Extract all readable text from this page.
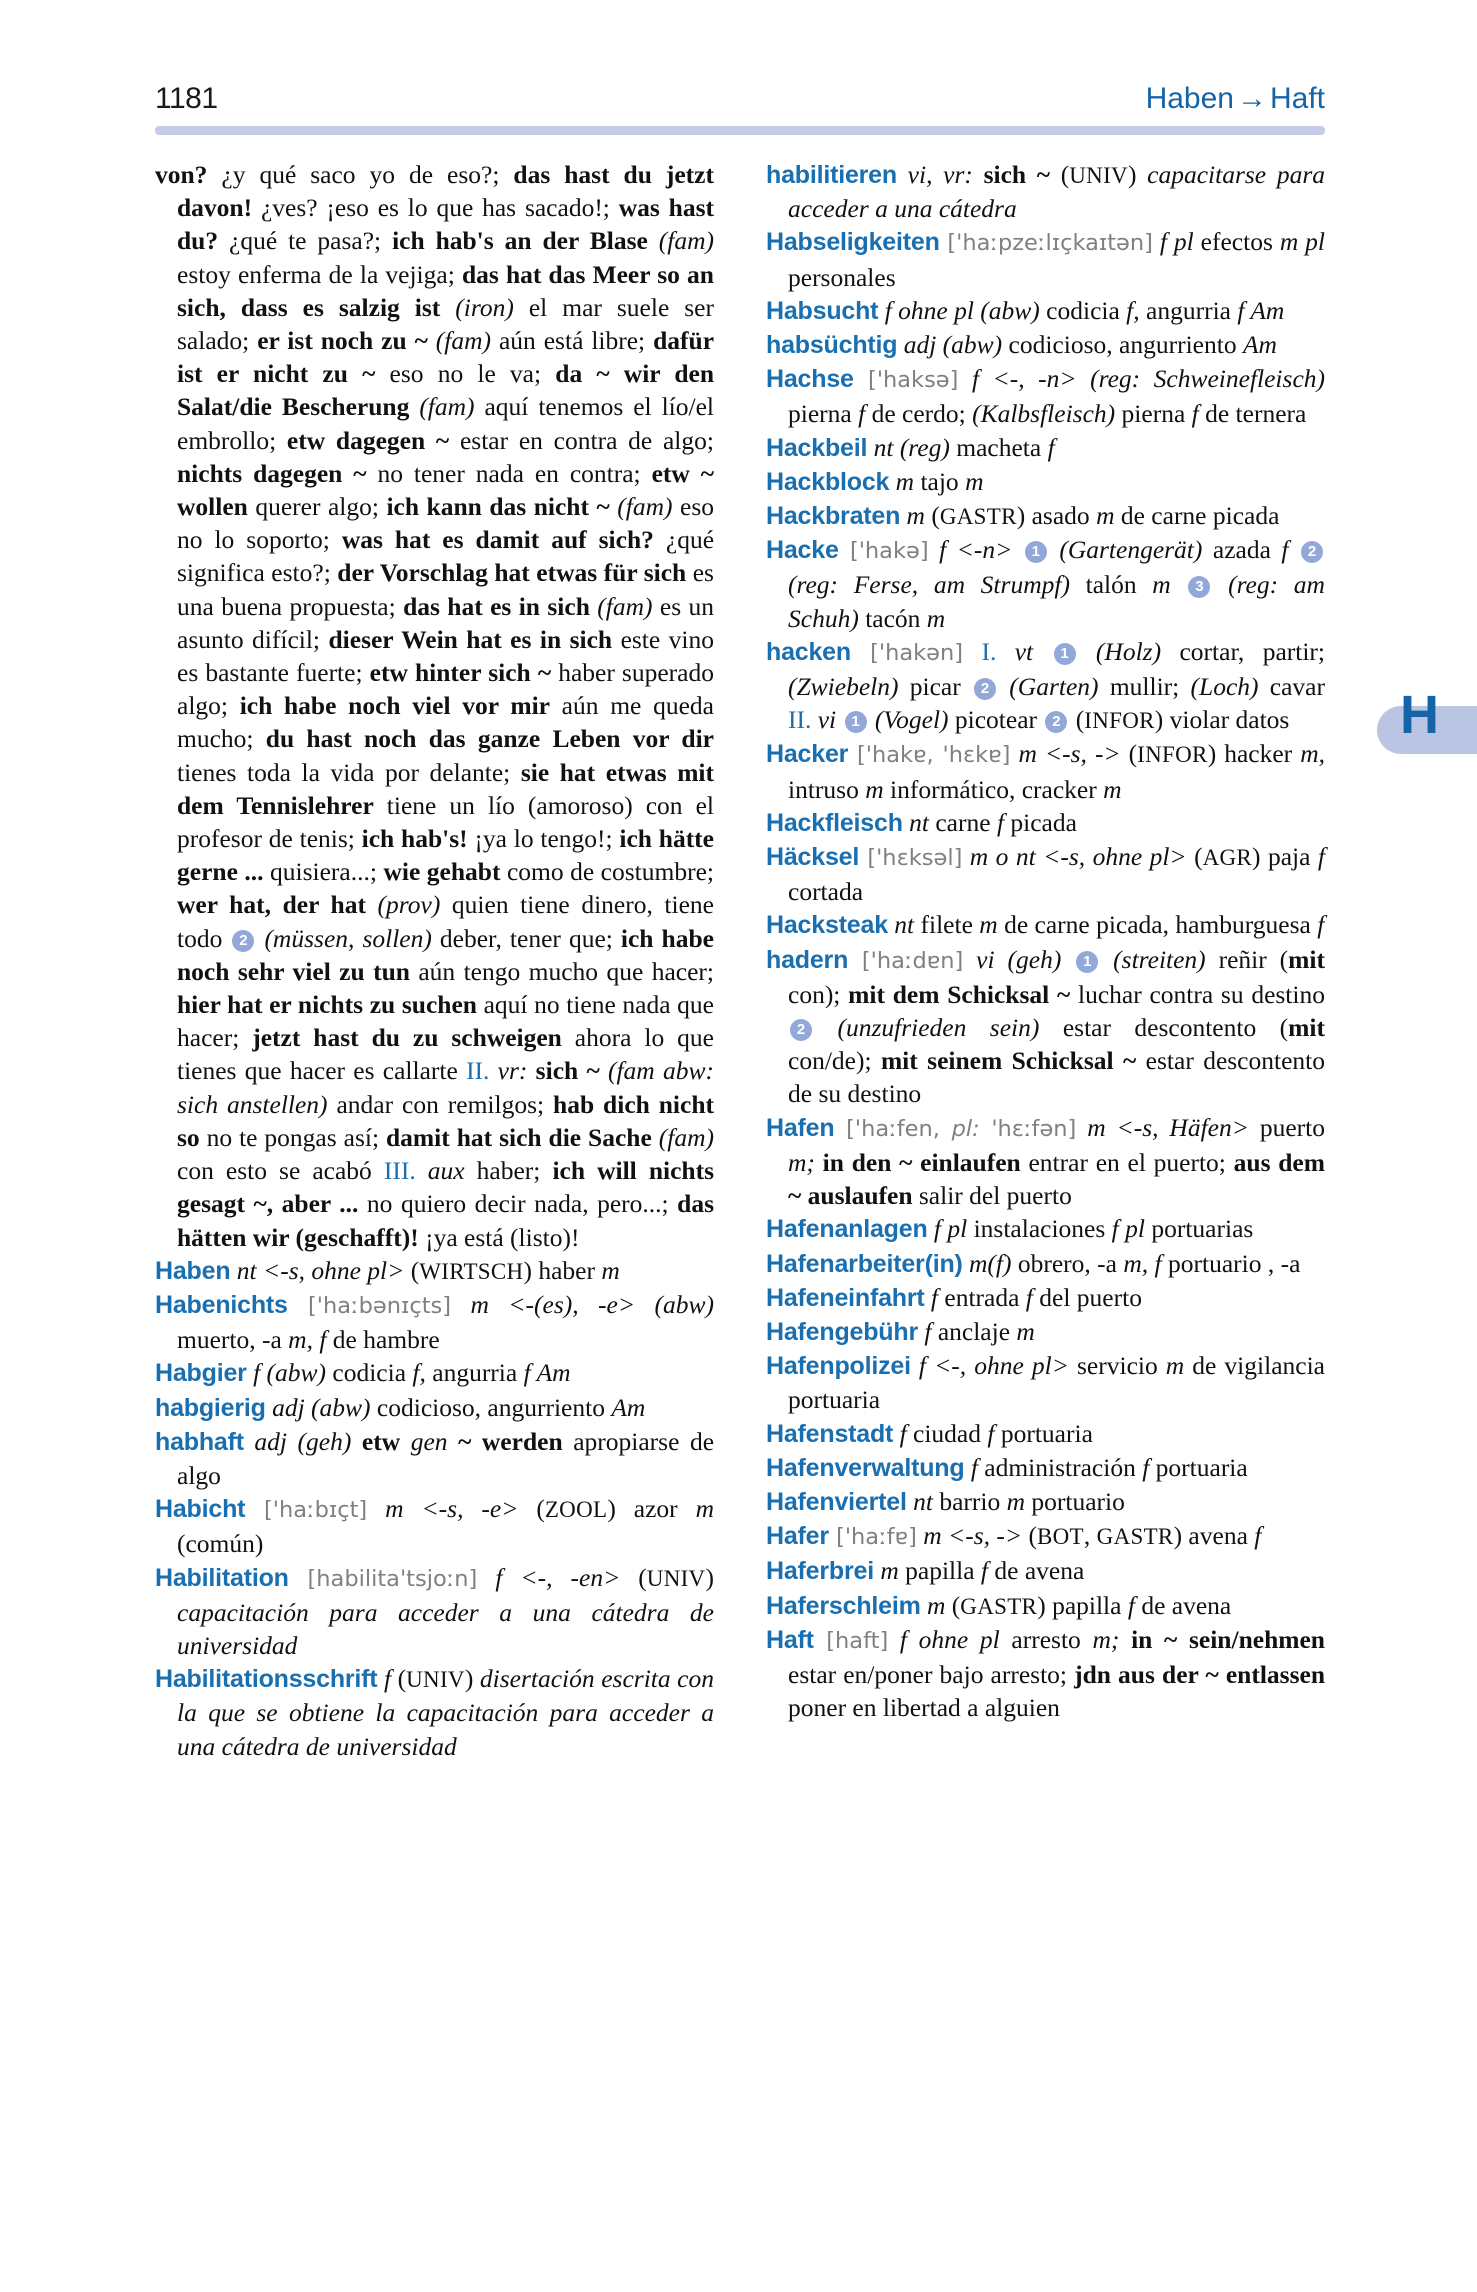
1181	Haben → Haft
H

von? ¿y qué saco yo de eso?; das hast du jetzt davon! ¿ves? ¡eso es lo que has sacado!; was hast du? ¿qué te pasa?; ich hab's an der Blase (fam) estoy enferma de la vejiga; das hat das Meer so an sich, dass es salzig ist (iron) el mar suele ser salado; er ist noch zu ~ (fam) aún está libre; dafür ist er nicht zu ~ eso no le va; da ~ wir den Salat/die Bescherung (fam) aquí tenemos el lío/el embrollo; etw dagegen ~ estar en contra de algo; nichts dagegen ~ no tener nada en contra; etw ~ wollen querer algo; ich kann das nicht ~ (fam) eso no lo soporto; was hat es damit auf sich? ¿qué significa esto?; der Vorschlag hat etwas für sich es una buena propuesta; das hat es in sich (fam) es un asunto difícil; dieser Wein hat es in sich este vino es bastante fuerte; etw hinter sich ~ haber superado algo; ich habe noch viel vor mir aún me queda mucho; du hast noch das ganze Leben vor dir tienes toda la vida por delante; sie hat etwas mit dem Tennislehrer tiene un lío (amoroso) con el profesor de tenis; ich hab's! ¡ya lo tengo!; ich hätte gerne ... quisiera...; wie gehabt como de costumbre; wer hat, der hat (prov) quien tiene dinero, tiene todo 2 (müssen, sollen) deber, tener que; ich habe noch sehr viel zu tun aún tengo mucho que hacer; hier hat er nichts zu suchen aquí no tiene nada que hacer; jetzt hast du zu schweigen ahora lo que tienes que hacer es callarte II. vr: sich ~ (fam abw: sich anstellen) andar con remilgos; hab dich nicht so no te pongas así; damit hat sich die Sache (fam) con esto se acabó III. aux haber; ich will nichts gesagt ~, aber ... no quiero decir nada, pero...; das hätten wir (geschafft)! ¡ya está (listo)!

Haben nt <-s, ohne pl> (WIRTSCH) haber m

Habenichts ['haːbənɪçts] m <-(es), -e> (abw) muerto, -a m, f de hambre

Habgier f (abw) codicia f, angurria f Am

habgierig adj (abw) codicioso, angurriento Am

habhaft adj (geh) etw gen ~ werden apropiarse de algo

Habicht ['haːbɪçt] m <-s, -e> (ZOOL) azor m (común)

Habilitation [habilita'tsjoːn] f <-, -en> (UNIV) capacitación para acceder a una cátedra de universidad

Habilitationsschrift f (UNIV) disertación escrita con la que se obtiene la capacitación para acceder a una cátedra de universidad

habilitieren vi, vr: sich ~ (UNIV) capacitarse para acceder a una cátedra

Habseligkeiten ['haːpzeːlɪçkaɪtən] f pl efectos m pl personales

Habsucht f ohne pl (abw) codicia f, angurria f Am

habsüchtig adj (abw) codicioso, angurriento Am

Hachse ['haksə] f <-, -n> (reg: Schweinefleisch) pierna f de cerdo; (Kalbsfleisch) pierna f de ternera

Hackbeil nt (reg) macheta f

Hackblock m tajo m

Hackbraten m (GASTR) asado m de carne picada

Hacke ['hakə] f <-n> 1 (Gartengerät) azada f 2 (reg: Ferse, am Strumpf) talón m 3 (reg: am Schuh) tacón m

hacken ['hakən] I. vt 1 (Holz) cortar, partir; (Zwiebeln) picar 2 (Garten) mullir; (Loch) cavar II. vi 1 (Vogel) picotear 2 (INFOR) violar datos

Hacker ['hakɐ, 'hɛkɐ] m <-s, -> (INFOR) hacker m, intruso m informático, cracker m

Hackfleisch nt carne f picada

Häcksel ['hɛksəl] m o nt <-s, ohne pl> (AGR) paja f cortada

Hacksteak nt filete m de carne picada, hamburguesa f

hadern ['haːdɐn] vi (geh) 1 (streiten) reñir (mit con); mit dem Schicksal ~ luchar contra su destino 2 (unzufrieden sein) estar descontento (mit con/de); mit seinem Schicksal ~ estar descontento de su destino

Hafen ['haːfen, pl: 'hɛːfən] m <-s, Häfen> puerto m; in den ~ einlaufen entrar en el puerto; aus dem ~ auslaufen salir del puerto

Hafenanlagen f pl instalaciones f pl portuarias

Hafenarbeiter(in) m(f) obrero, -a m, f portuario , -a

Hafeneinfahrt f entrada f del puerto

Hafengebühr f anclaje m

Hafenpolizei f <-, ohne pl> servicio m de vigilancia portuaria

Hafenstadt f ciudad f portuaria

Hafenverwaltung f administración f portuaria

Hafenviertel nt barrio m portuario

Hafer ['haːfɐ] m <-s, -> (BOT, GASTR) avena f

Haferbrei m papilla f de avena

Haferschleim m (GASTR) papilla f de avena

Haft [haft] f ohne pl arresto m; in ~ sein/nehmen estar en/poner bajo arresto; jdn aus der ~ entlassen poner en libertad a alguien
